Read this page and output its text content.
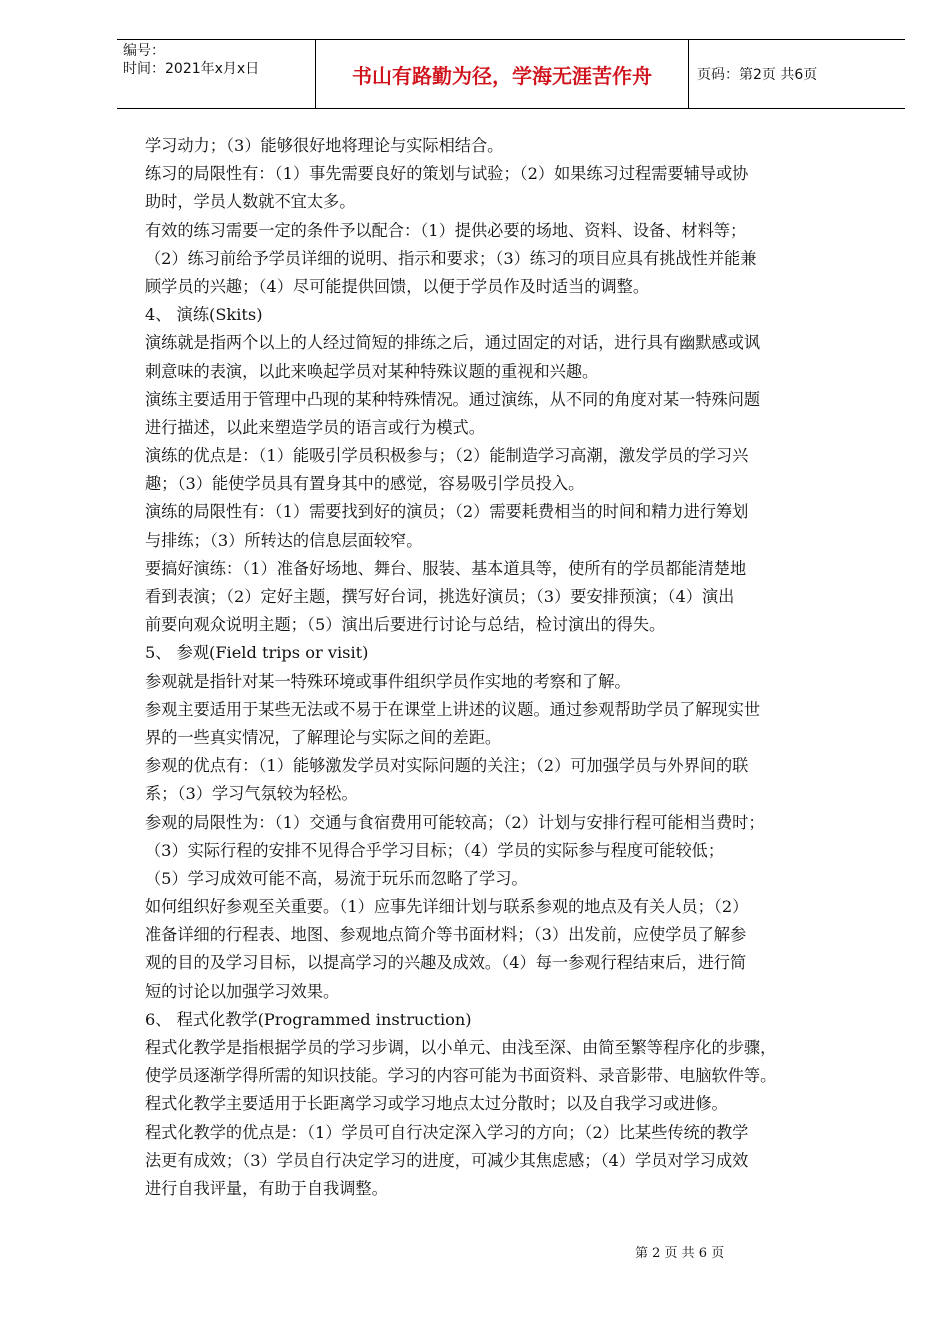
编号：
时间：2021年x月x日	书山有路勤为径，学海无涯苦作舟	页码：第2页 共6页
学习动力；（3）能够很好地将理论与实际相结合。
练习的局限性有：（1）事先需要良好的策划与试验；（2）如果练习过程需要辅导或协
助时，学员人数就不宜太多。
有效的练习需要一定的条件予以配合：（1）提供必要的场地、资料、设备、材料等；
（2）练习前给予学员详细的说明、指示和要求；（3）练习的项目应具有挑战性并能兼
顾学员的兴趣；（4）尽可能提供回馈，以便于学员作及时适当的调整。
4、 演练(Skits)
演练就是指两个以上的人经过简短的排练之后，通过固定的对话，进行具有幽默感或讽
刺意味的表演，以此来唤起学员对某种特殊议题的重视和兴趣。
演练主要适用于管理中凸现的某种特殊情况。通过演练，从不同的角度对某一特殊问题
进行描述，以此来塑造学员的语言或行为模式。
演练的优点是：（1）能吸引学员积极参与；（2）能制造学习高潮，激发学员的学习兴
趣；（3）能使学员具有置身其中的感觉，容易吸引学员投入。
演练的局限性有：（1）需要找到好的演员；（2）需要耗费相当的时间和精力进行筹划
与排练；（3）所转达的信息层面较窄。
要搞好演练：（1）准备好场地、舞台、服装、基本道具等，使所有的学员都能清楚地
看到表演；（2）定好主题，撰写好台词，挑选好演员；（3）要安排预演；（4）演出
前要向观众说明主题；（5）演出后要进行讨论与总结，检讨演出的得失。
5、 参观(Field trips or visit)
参观就是指针对某一特殊环境或事件组织学员作实地的考察和了解。
参观主要适用于某些无法或不易于在课堂上讲述的议题。通过参观帮助学员了解现实世
界的一些真实情况，了解理论与实际之间的差距。
参观的优点有：（1）能够激发学员对实际问题的关注；（2）可加强学员与外界间的联
系；（3）学习气氛较为轻松。
参观的局限性为：（1）交通与食宿费用可能较高；（2）计划与安排行程可能相当费时；
（3）实际行程的安排不见得合乎学习目标；（4）学员的实际参与程度可能较低；
（5）学习成效可能不高，易流于玩乐而忽略了学习。
如何组织好参观至关重要。（1）应事先详细计划与联系参观的地点及有关人员；（2）
准备详细的行程表、地图、参观地点简介等书面材料；（3）出发前，应使学员了解参
观的目的及学习目标，以提高学习的兴趣及成效。（4）每一参观行程结束后，进行简
短的讨论以加强学习效果。
6、 程式化教学(Programmed instruction)
程式化教学是指根据学员的学习步调，以小单元、由浅至深、由简至繁等程序化的步骤，
使学员逐渐学得所需的知识技能。学习的内容可能为书面资料、录音影带、电脑软件等。
程式化教学主要适用于长距离学习或学习地点太过分散时；以及自我学习或进修。
程式化教学的优点是：（1）学员可自行决定深入学习的方向；（2）比某些传统的教学
法更有成效；（3）学员自行决定学习的进度，可减少其焦虑感；（4）学员对学习成效
进行自我评量，有助于自我调整。
第 2 页 共 6 页
